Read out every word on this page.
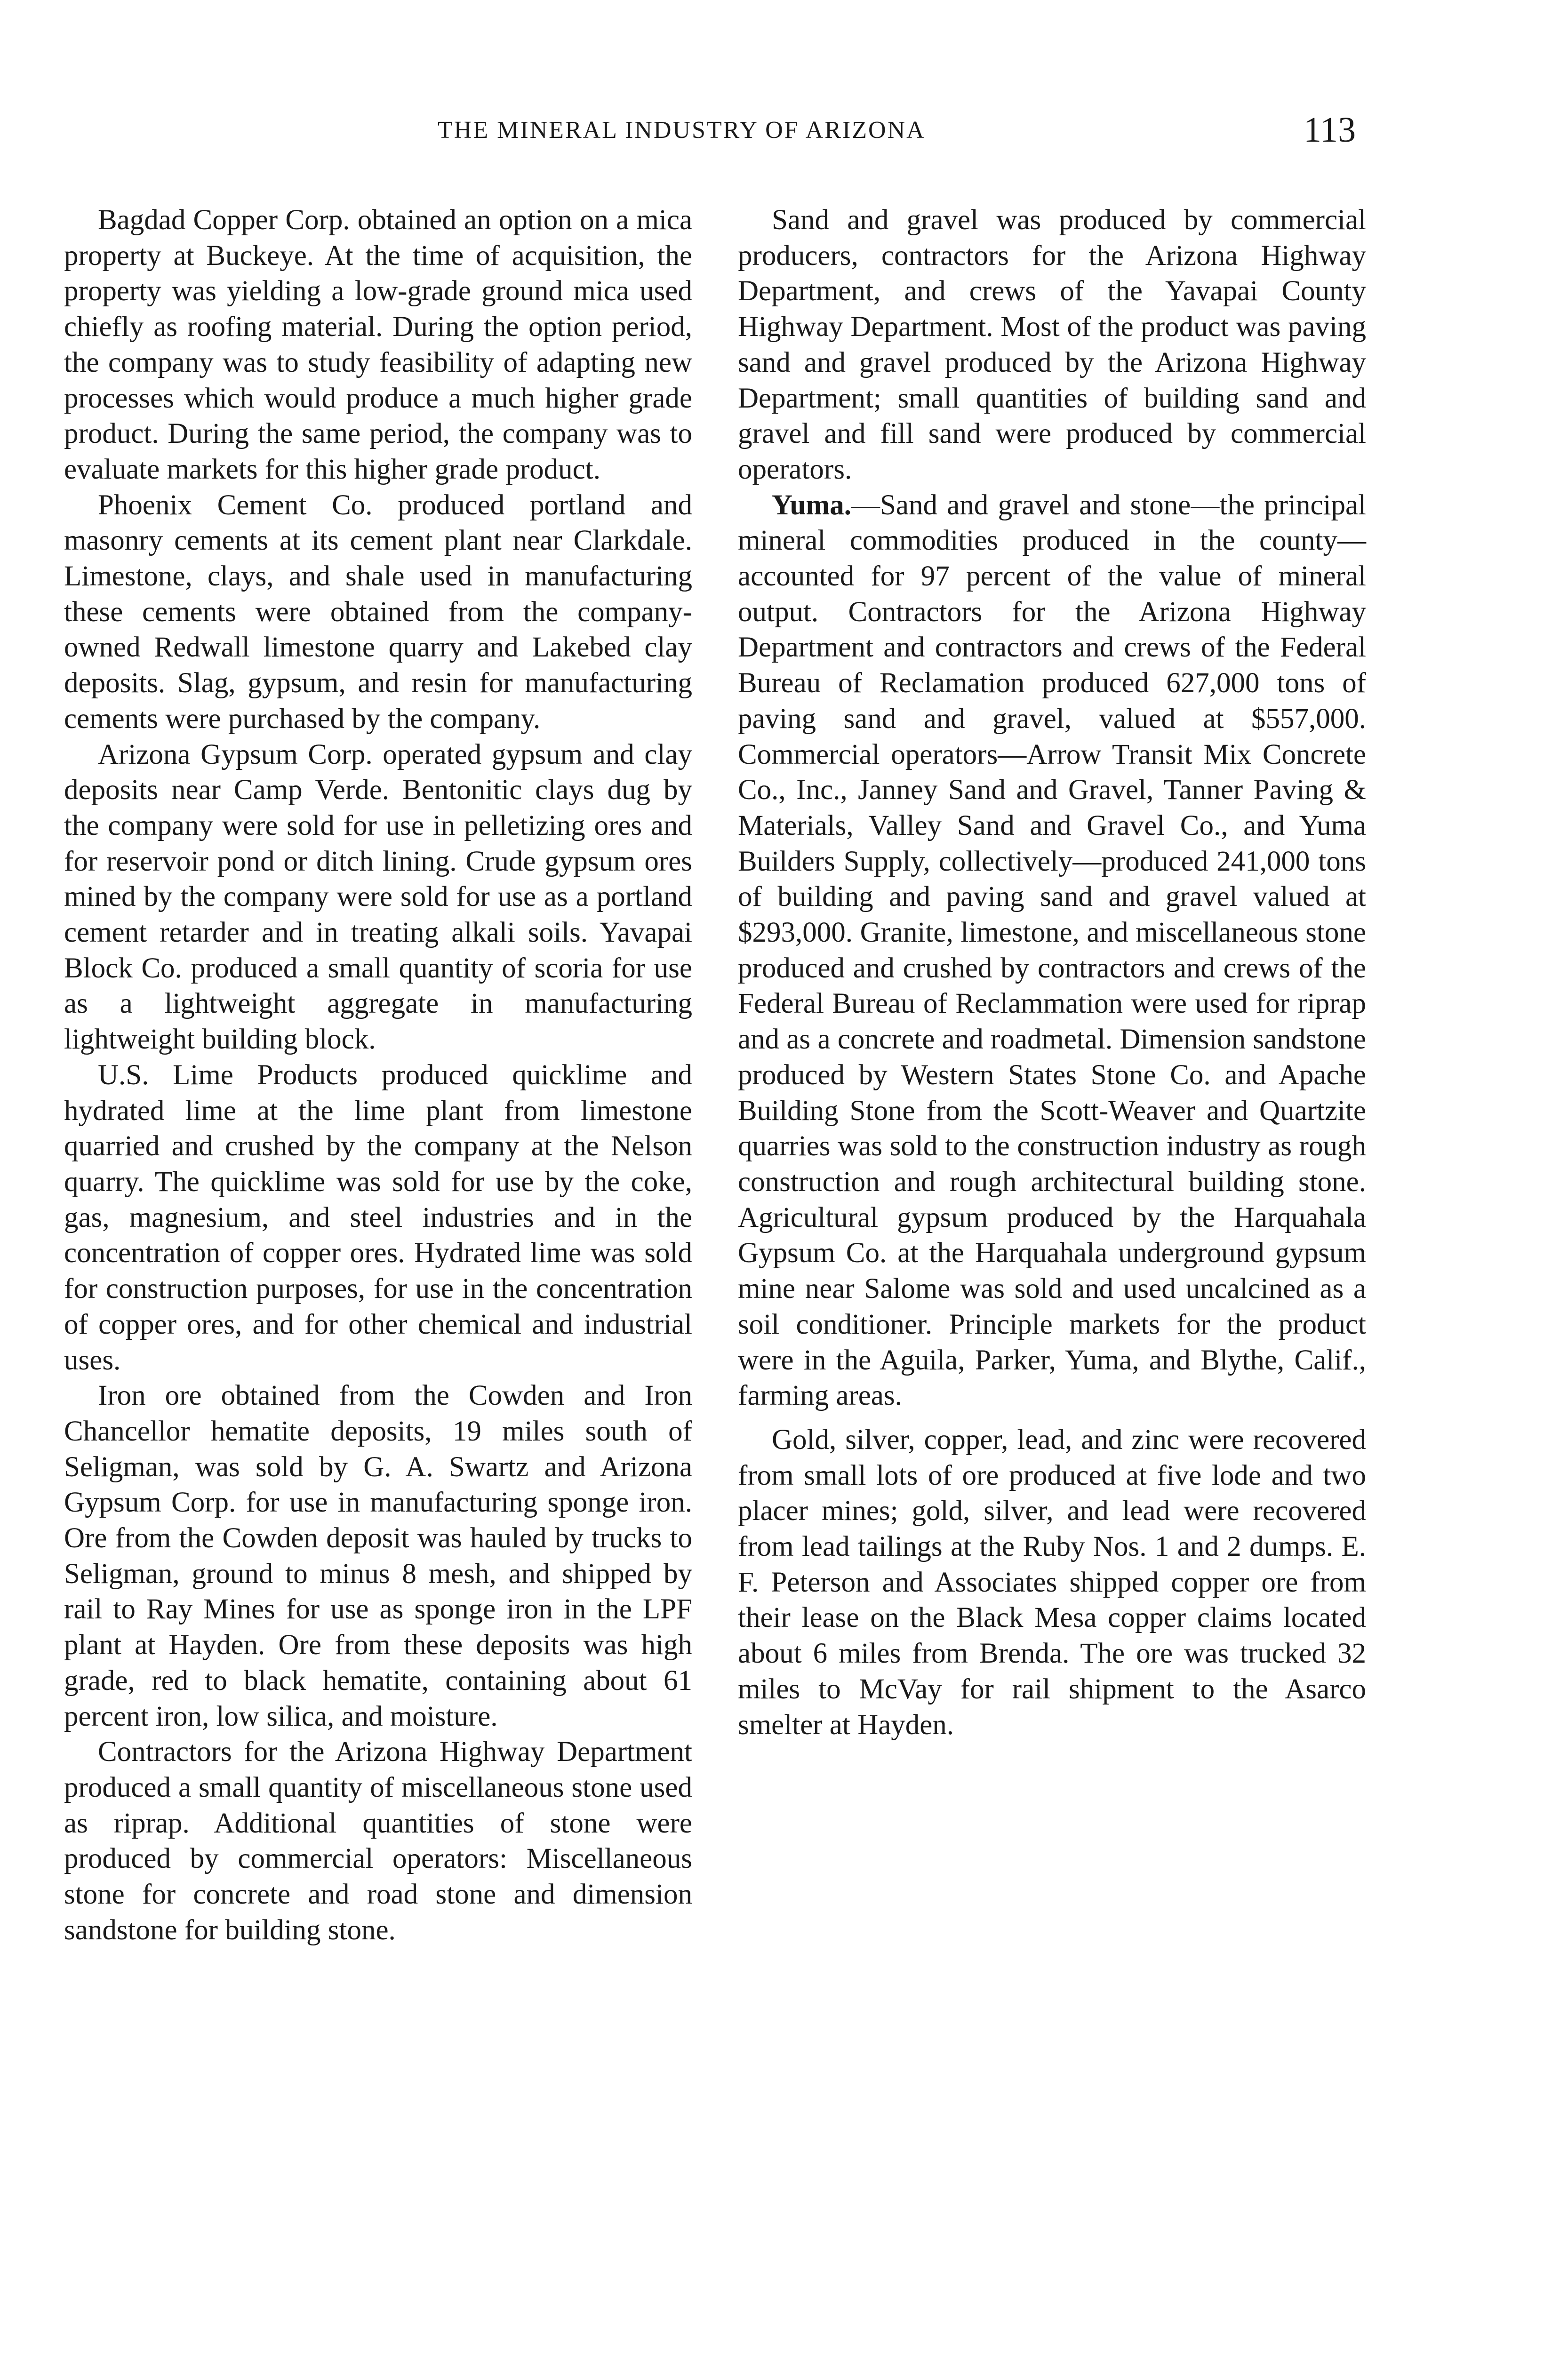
THE MINERAL INDUSTRY OF ARIZONA	113

Bagdad Copper Corp. obtained an option on a mica property at Buckeye. At the time of acquisition, the property was yielding a low-grade ground mica used chiefly as roofing material. During the option period, the company was to study feasibility of adapting new processes which would produce a much higher grade product. During the same period, the company was to evaluate markets for this higher grade product.

Phoenix Cement Co. produced portland and masonry cements at its cement plant near Clarkdale. Limestone, clays, and shale used in manufacturing these cements were obtained from the company-owned Redwall limestone quarry and Lakebed clay deposits. Slag, gypsum, and resin for manufacturing cements were purchased by the company.

Arizona Gypsum Corp. operated gypsum and clay deposits near Camp Verde. Bentonitic clays dug by the company were sold for use in pelletizing ores and for reservoir pond or ditch lining. Crude gypsum ores mined by the company were sold for use as a portland cement retarder and in treating alkali soils. Yavapai Block Co. produced a small quantity of scoria for use as a lightweight aggregate in manufacturing lightweight building block.

U.S. Lime Products produced quicklime and hydrated lime at the lime plant from limestone quarried and crushed by the company at the Nelson quarry. The quicklime was sold for use by the coke, gas, magnesium, and steel industries and in the concentration of copper ores. Hydrated lime was sold for construction purposes, for use in the concentration of copper ores, and for other chemical and industrial uses.

Iron ore obtained from the Cowden and Iron Chancellor hematite deposits, 19 miles south of Seligman, was sold by G. A. Swartz and Arizona Gypsum Corp. for use in manufacturing sponge iron. Ore from the Cowden deposit was hauled by trucks to Seligman, ground to minus 8 mesh, and shipped by rail to Ray Mines for use as sponge iron in the LPF plant at Hayden. Ore from these deposits was high grade, red to black hematite, containing about 61 percent iron, low silica, and moisture.

Contractors for the Arizona Highway Department produced a small quantity of miscellaneous stone used as riprap. Additional quantities of stone were produced by commercial operators: Miscellaneous stone for concrete and road stone and dimension sandstone for building stone.

Sand and gravel was produced by commercial producers, contractors for the Arizona Highway Department, and crews of the Yavapai County Highway Department. Most of the product was paving sand and gravel produced by the Arizona Highway Department; small quantities of building sand and gravel and fill sand were produced by commercial operators.

Yuma.—Sand and gravel and stone—the principal mineral commodities produced in the county—accounted for 97 percent of the value of mineral output. Contractors for the Arizona Highway Department and contractors and crews of the Federal Bureau of Reclamation produced 627,000 tons of paving sand and gravel, valued at $557,000. Commercial operators—Arrow Transit Mix Concrete Co., Inc., Janney Sand and Gravel, Tanner Paving & Materials, Valley Sand and Gravel Co., and Yuma Builders Supply, collectively—produced 241,000 tons of building and paving sand and gravel valued at $293,000. Granite, limestone, and miscellaneous stone produced and crushed by contractors and crews of the Federal Bureau of Reclammation were used for riprap and as a concrete and roadmetal. Dimension sandstone produced by Western States Stone Co. and Apache Building Stone from the Scott-Weaver and Quartzite quarries was sold to the construction industry as rough construction and rough architectural building stone. Agricultural gypsum produced by the Harquahala Gypsum Co. at the Harquahala underground gypsum mine near Salome was sold and used uncalcined as a soil conditioner. Principle markets for the product were in the Aguila, Parker, Yuma, and Blythe, Calif., farming areas.

Gold, silver, copper, lead, and zinc were recovered from small lots of ore produced at five lode and two placer mines; gold, silver, and lead were recovered from lead tailings at the Ruby Nos. 1 and 2 dumps. E. F. Peterson and Associates shipped copper ore from their lease on the Black Mesa copper claims located about 6 miles from Brenda. The ore was trucked 32 miles to McVay for rail shipment to the Asarco smelter at Hayden.
